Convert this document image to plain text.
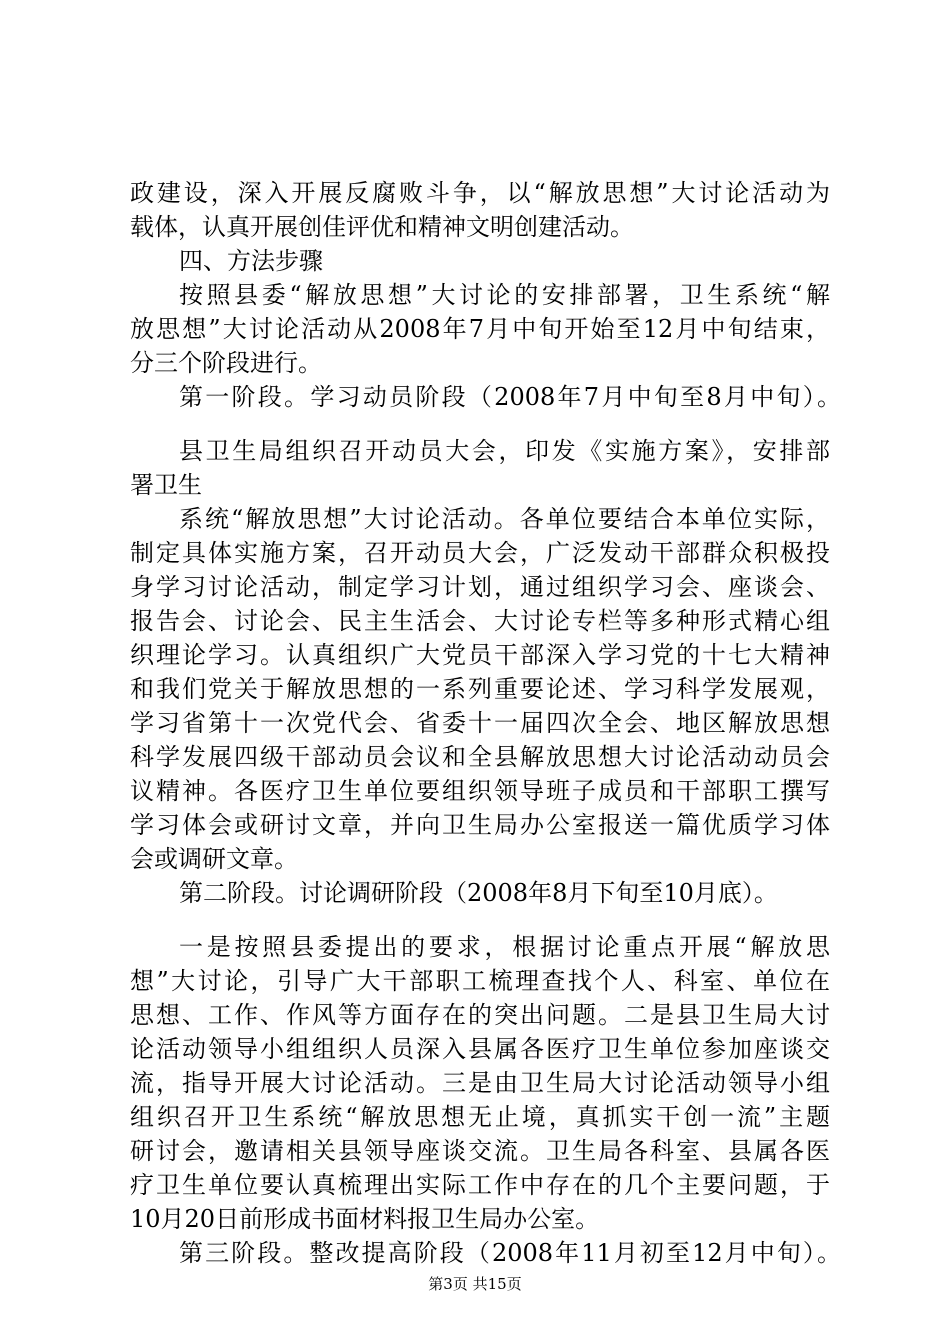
政建设，深入开展反腐败斗争，以“解放思想”大讨论活动为
载体，认真开展创佳评优和精神文明创建活动。
四、方法步骤
按照县委“解放思想”大讨论的安排部署，卫生系统“解
放思想”大讨论活动从2008年7月中旬开始至12月中旬结束，
分三个阶段进行。
第一阶段。学习动员阶段（2008年7月中旬至8月中旬）。
县卫生局组织召开动员大会，印发《实施方案》，安排部
署卫生
系统“解放思想”大讨论活动。各单位要结合本单位实际，
制定具体实施方案，召开动员大会，广泛发动干部群众积极投
身学习讨论活动，制定学习计划，通过组织学习会、座谈会、
报告会、讨论会、民主生活会、大讨论专栏等多种形式精心组
织理论学习。认真组织广大党员干部深入学习党的十七大精神
和我们党关于解放思想的一系列重要论述、学习科学发展观，
学习省第十一次党代会、省委十一届四次全会、地区解放思想
科学发展四级干部动员会议和全县解放思想大讨论活动动员会
议精神。各医疗卫生单位要组织领导班子成员和干部职工撰写
学习体会或研讨文章，并向卫生局办公室报送一篇优质学习体
会或调研文章。
第二阶段。讨论调研阶段（2008年8月下旬至10月底）。
一是按照县委提出的要求，根据讨论重点开展“解放思
想”大讨论，引导广大干部职工梳理查找个人、科室、单位在
思想、工作、作风等方面存在的突出问题。二是县卫生局大讨
论活动领导小组组织人员深入县属各医疗卫生单位参加座谈交
流，指导开展大讨论活动。三是由卫生局大讨论活动领导小组
组织召开卫生系统“解放思想无止境，真抓实干创一流”主题
研讨会，邀请相关县领导座谈交流。卫生局各科室、县属各医
疗卫生单位要认真梳理出实际工作中存在的几个主要问题，于
10月20日前形成书面材料报卫生局办公室。
第三阶段。整改提高阶段（2008年11月初至12月中旬）。
第3页 共15页
